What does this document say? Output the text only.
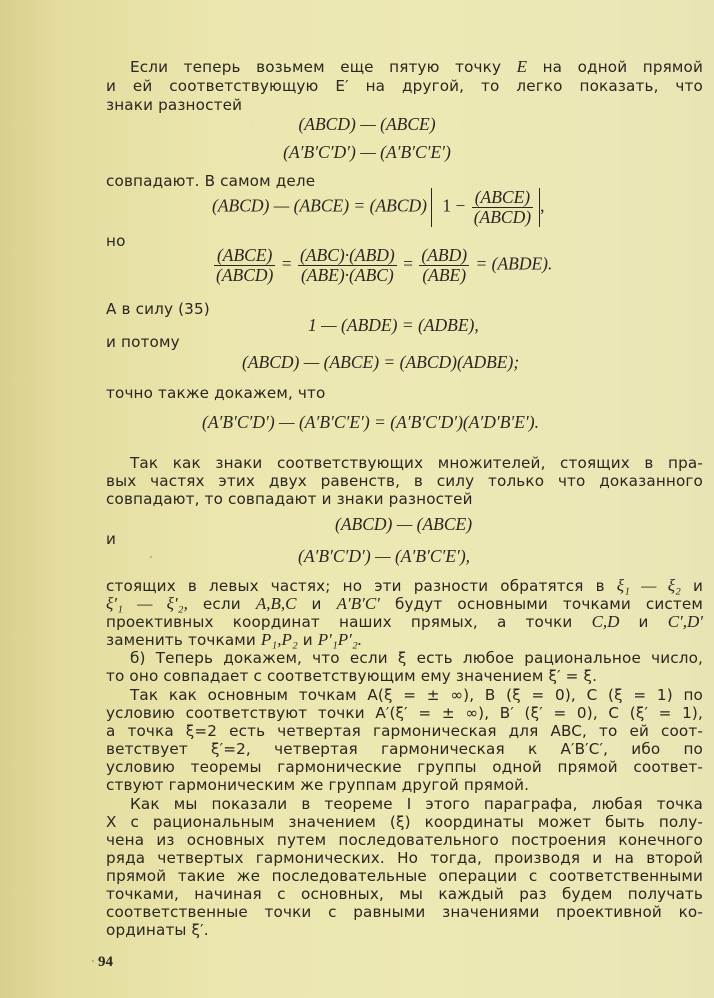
Если теперь возьмем еще пятую точку E на одной прямой
и ей соответствующую E′ на другой, то легко показать, что
знаки разностей
(ABCD) — (ABCE)
(A′B′C′D′) — (A′B′C′E′)
совпадают. В самом деле
(ABCD) — (ABCE) = (ABCD) $1 - \frac{\text{(ABCE)}}{\text{(ABCD)}}$ ,
но
$\frac{\text{(ABCE)}}{\text{(ABCD)}} = \frac{\text{(ABC)·(ABD)}}{\text{(ABE)·(ABC)}} = \frac{\text{(ABD)}}{\text{(ABE)}}$ = (ABDE).
А в силу (35)
1 — (ABDE) = (ADBE),
и потому
(ABCD) — (ABCE) = (ABCD)(ADBE);
точно также докажем, что
(A′B′C′D′) — (A′B′C′E′) = (A′B′C′D′)(A′D′B′E′).
Так как знаки соответствующих множителей, стоящих в пра-
вых частях этих двух равенств, в силу только что доказанного
совпадают, то совпадают и знаки разностей
(ABCD) — (ABCE)
и
(A′B′C′D′) — (A′B′C′E′),
стоящих в левых частях; но эти разности обратятся в ξ₁ — ξ₂ и
ξ′₁ — ξ′₂, если A,B,C и A′B′C′ будут основными точками систем
проективных координат наших прямых, а точки C,D и C′,D′
заменить точками P₁,P₂ и P′₁P′₂.
б) Теперь докажем, что если ξ есть любое рациональное число,
то оно совпадает с соответствующим ему значением ξ′ = ξ.
Так как основным точкам A(ξ = ± ∞), B (ξ = 0), C (ξ = 1) по
условию соответствуют точки A′(ξ′ = ± ∞), B′ (ξ′ = 0), C (ξ′ = 1),
а точка ξ=2 есть четвертая гармоническая для ABC, то ей соот-
ветствует ξ′=2, четвертая гармоническая к A′B′C′, ибо по
условию теоремы гармонические группы одной прямой соответ-
ствуют гармоническим же группам другой прямой.
Как мы показали в теореме I этого параграфа, любая точка
X с рациональным значением (ξ) координаты может быть полу-
чена из основных путем последовательного построения конечного
ряда четвертых гармонических. Но тогда, производя и на второй
прямой такие же последовательные операции с соответственными
точками, начиная с основных, мы каждый раз будем получать
соответственные точки с равными значениями проективной ко-
ординаты ξ′.
94
